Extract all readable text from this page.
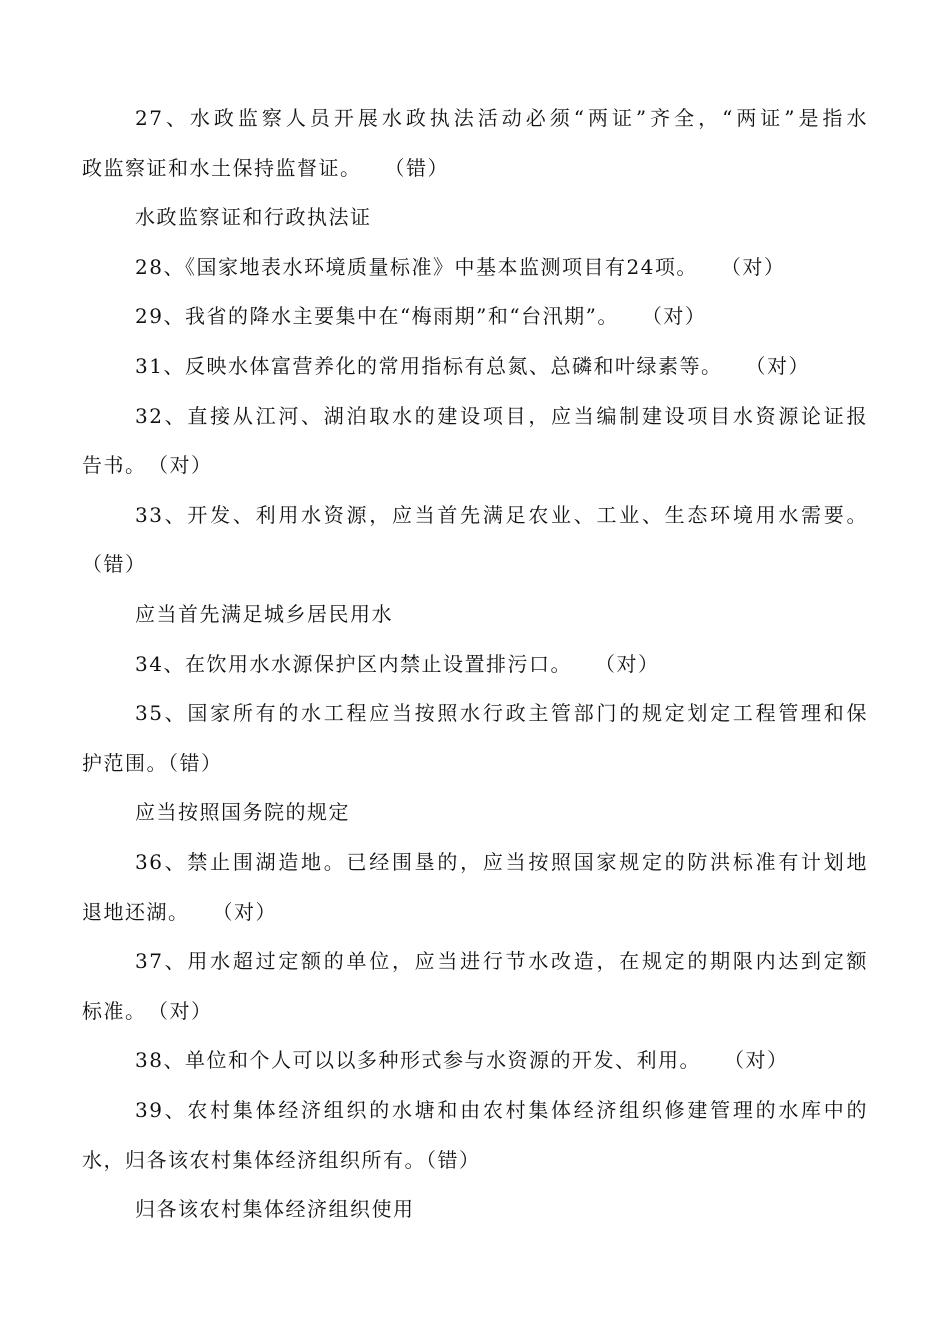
27、水政监察人员开展水政执法活动必须“两证”齐全，“两证”是指水
政监察证和水土保持监督证。　　（错）
水政监察证和行政执法证
28、《国家地表水环境质量标准》中基本监测项目有24项。　　（对）
29、我省的降水主要集中在“梅雨期”和“台汛期”。　　（对）
31、反映水体富营养化的常用指标有总氮、总磷和叶绿素等。　　（对）
32、直接从江河、湖泊取水的建设项目，应当编制建设项目水资源论证报
告书。　（对）
33、开发、利用水资源，应当首先满足农业、工业、生态环境用水需要。
（错）
应当首先满足城乡居民用水
34、在饮用水水源保护区内禁止设置排污口。　　（对）
35、国家所有的水工程应当按照水行政主管部门的规定划定工程管理和保
护范围。（错）
应当按照国务院的规定
36、禁止围湖造地。已经围垦的，应当按照国家规定的防洪标准有计划地
退地还湖。　　（对）
37、用水超过定额的单位，应当进行节水改造，在规定的期限内达到定额
标准。　（对）
38、单位和个人可以以多种形式参与水资源的开发、利用。　　（对）
39、农村集体经济组织的水塘和由农村集体经济组织修建管理的水库中的
水，归各该农村集体经济组织所有。（错）
归各该农村集体经济组织使用
